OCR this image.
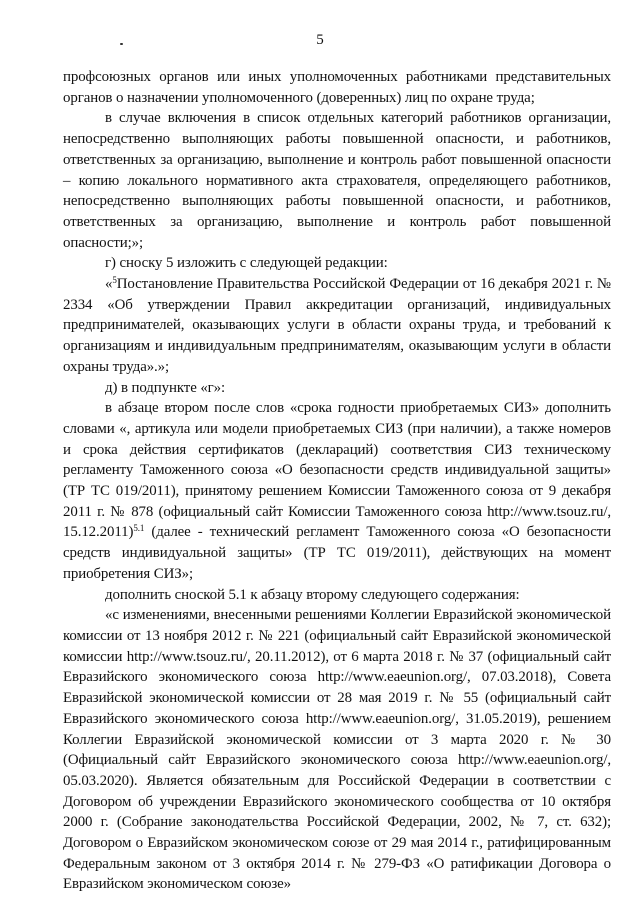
5

профсоюзных органов или иных уполномоченных работниками представительных органов о назначении уполномоченного (доверенных) лиц по охране труда;

в случае включения в список отдельных категорий работников организации, непосредственно выполняющих работы повышенной опасности, и работников, ответственных за организацию, выполнение и контроль работ повышенной опасности – копию локального нормативного акта страхователя, определяющего работников, непосредственно выполняющих работы повышенной опасности, и работников, ответственных за организацию, выполнение и контроль работ повышенной опасности;»;

г) сноску 5 изложить с следующей редакции:

«$^5$Постановление Правительства Российской Федерации от 16 декабря 2021 г. № 2334 «Об утверждении Правил аккредитации организаций, индивидуальных предпринимателей, оказывающих услуги в области охраны труда, и требований к организациям и индивидуальным предпринимателям, оказывающим услуги в области охраны труда».»;

д) в подпункте «г»:

в абзаце втором после слов «срока годности приобретаемых СИЗ» дополнить словами «, артикула или модели приобретаемых СИЗ (при наличии), а также номеров и срока действия сертификатов (деклараций) соответствия СИЗ техническому регламенту Таможенного союза «О безопасности средств индивидуальной защиты» (ТР ТС 019/2011), принятому решением Комиссии Таможенного союза от 9 декабря 2011 г. № 878 (официальный сайт Комиссии Таможенного союза http://www.tsouz.ru/, 15.12.2011)$^{5.1}$ (далее - технический регламент Таможенного союза «О безопасности средств индивидуальной защиты» (ТР ТС 019/2011), действующих на момент приобретения СИЗ»;

дополнить сноской 5.1 к абзацу второму следующего содержания:

«с изменениями, внесенными решениями Коллегии Евразийской экономической комиссии от 13 ноября 2012 г. № 221 (официальный сайт Евразийской экономической комиссии http://www.tsouz.ru/, 20.11.2012), от 6 марта 2018 г. № 37 (официальный сайт Евразийского экономического союза http://www.eaeunion.org/, 07.03.2018), Совета Евразийской экономической комиссии от 28 мая 2019 г. № 55 (официальный сайт Евразийского экономического союза http://www.eaeunion.org/, 31.05.2019), решением Коллегии Евразийской экономической комиссии от 3 марта 2020 г. № 30 (Официальный сайт Евразийского экономического союза http://www.eaeunion.org/, 05.03.2020). Является обязательным для Российской Федерации в соответствии с Договором об учреждении Евразийского экономического сообщества от 10 октября 2000 г. (Собрание законодательства Российской Федерации, 2002, № 7, ст. 632); Договором о Евразийском экономическом союзе от 29 мая 2014 г., ратифицированным Федеральным законом от 3 октября 2014 г. № 279-ФЗ «О ратификации Договора о Евразийском экономическом союзе»
